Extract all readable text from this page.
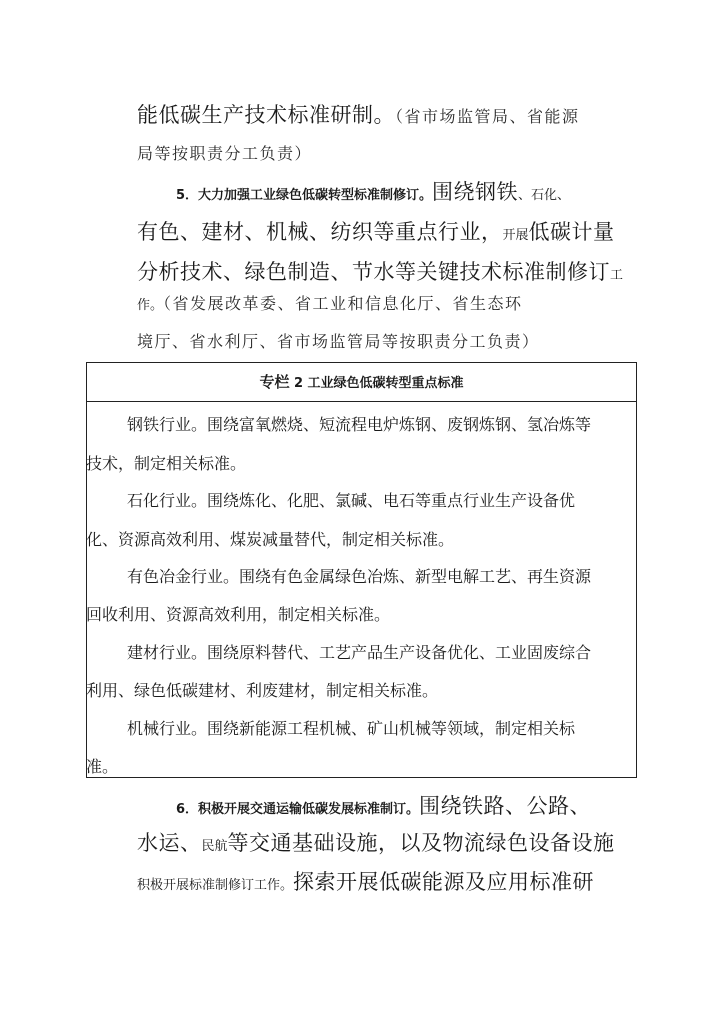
能低碳生产技术标准研制。（省市场监管局、省能源
局等按职责分工负责）
5．大力加强工业绿色低碳转型标准制修订。围绕钢铁、石化、
有色、建材、机械、纺织等重点行业，开展低碳计量
分析技术、绿色制造、节水等关键技术标准制修订工
作。（省发展改革委、省工业和信息化厅、省生态环
境厅、省水利厅、省市场监管局等按职责分工负责）
专栏 2 工业绿色低碳转型重点标准
钢铁行业。围绕富氧燃烧、短流程电炉炼钢、废钢炼钢、氢冶炼等
技术，制定相关标准。
石化行业。围绕炼化、化肥、氯碱、电石等重点行业生产设备优
化、资源高效利用、煤炭减量替代，制定相关标准。
有色冶金行业。围绕有色金属绿色冶炼、新型电解工艺、再生资源
回收利用、资源高效利用，制定相关标准。
建材行业。围绕原料替代、工艺产品生产设备优化、工业固废综合
利用、绿色低碳建材、利废建材，制定相关标准。
机械行业。围绕新能源工程机械、矿山机械等领域，制定相关标
准。
6．积极开展交通运输低碳发展标准制订。围绕铁路、公路、
水运、民航等交通基础设施，以及物流绿色设备设施
积极开展标准制修订工作。探索开展低碳能源及应用标准研
